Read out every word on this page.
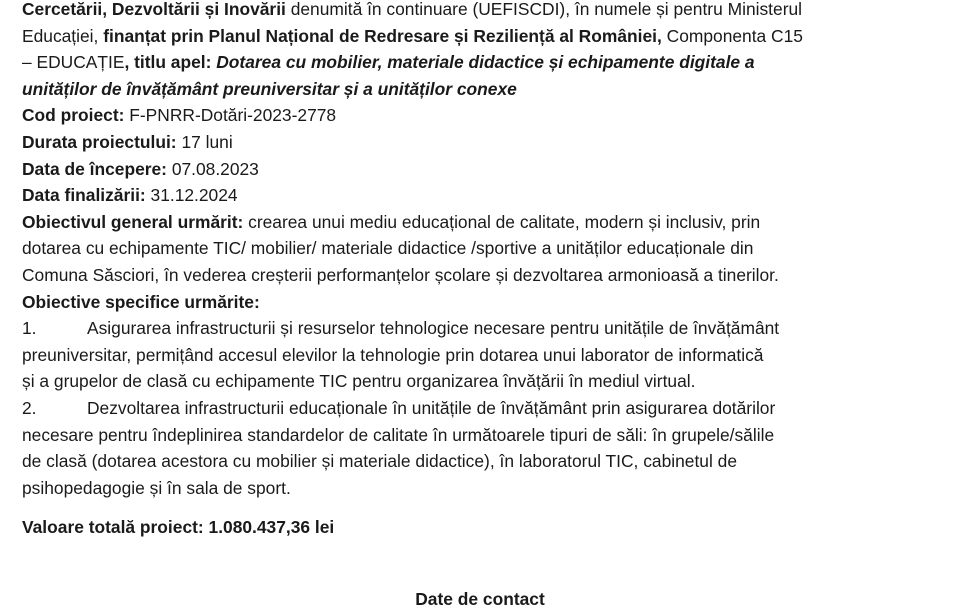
Cercetării, Dezvoltării și Inovării denumită în continuare (UEFISCDI), în numele și pentru Ministerul
Educației, finanțat prin Planul Național de Redresare și Reziliență al României, Componenta C15
– EDUCAȚIE, titlu apel: Dotarea cu mobilier, materiale didactice și echipamente digitale a
unităților de învățământ preuniversitar și a unităților conexe

Cod proiect: F-PNRR-Dotări-2023-2778

Durata proiectului: 17 luni

Data de începere: 07.08.2023

Data finalizării: 31.12.2024

Obiectivul general urmărit: crearea unui mediu educațional de calitate, modern și inclusiv, prin
dotarea cu echipamente TIC/ mobilier/ materiale didactice /sportive a unităților educaționale din
Comuna Săsciori, în vederea creșterii performanțelor școlare și dezvoltarea armonioasă a tinerilor.

Obiective specifice urmărite:

1.	Asigurarea infrastructurii și resurselor tehnologice necesare pentru unitățile de învățământ
preuniversitar, permițând accesul elevilor la tehnologie prin dotarea unui laborator de informatică
și a grupelor de clasă cu echipamente TIC pentru organizarea învățării în mediul virtual.
2.	Dezvoltarea infrastructurii educaționale în unitățile de învățământ prin asigurarea dotărilor
necesare pentru îndeplinirea standardelor de calitate în următoarele tipuri de săli: în grupele/sălile
de clasă (dotarea acestora cu mobilier și materiale didactice), în laboratorul TIC, cabinetul de
psihopedagogie și în sala de sport.

Valoare totală proiect: 1.080.437,36 lei

Date de contact
